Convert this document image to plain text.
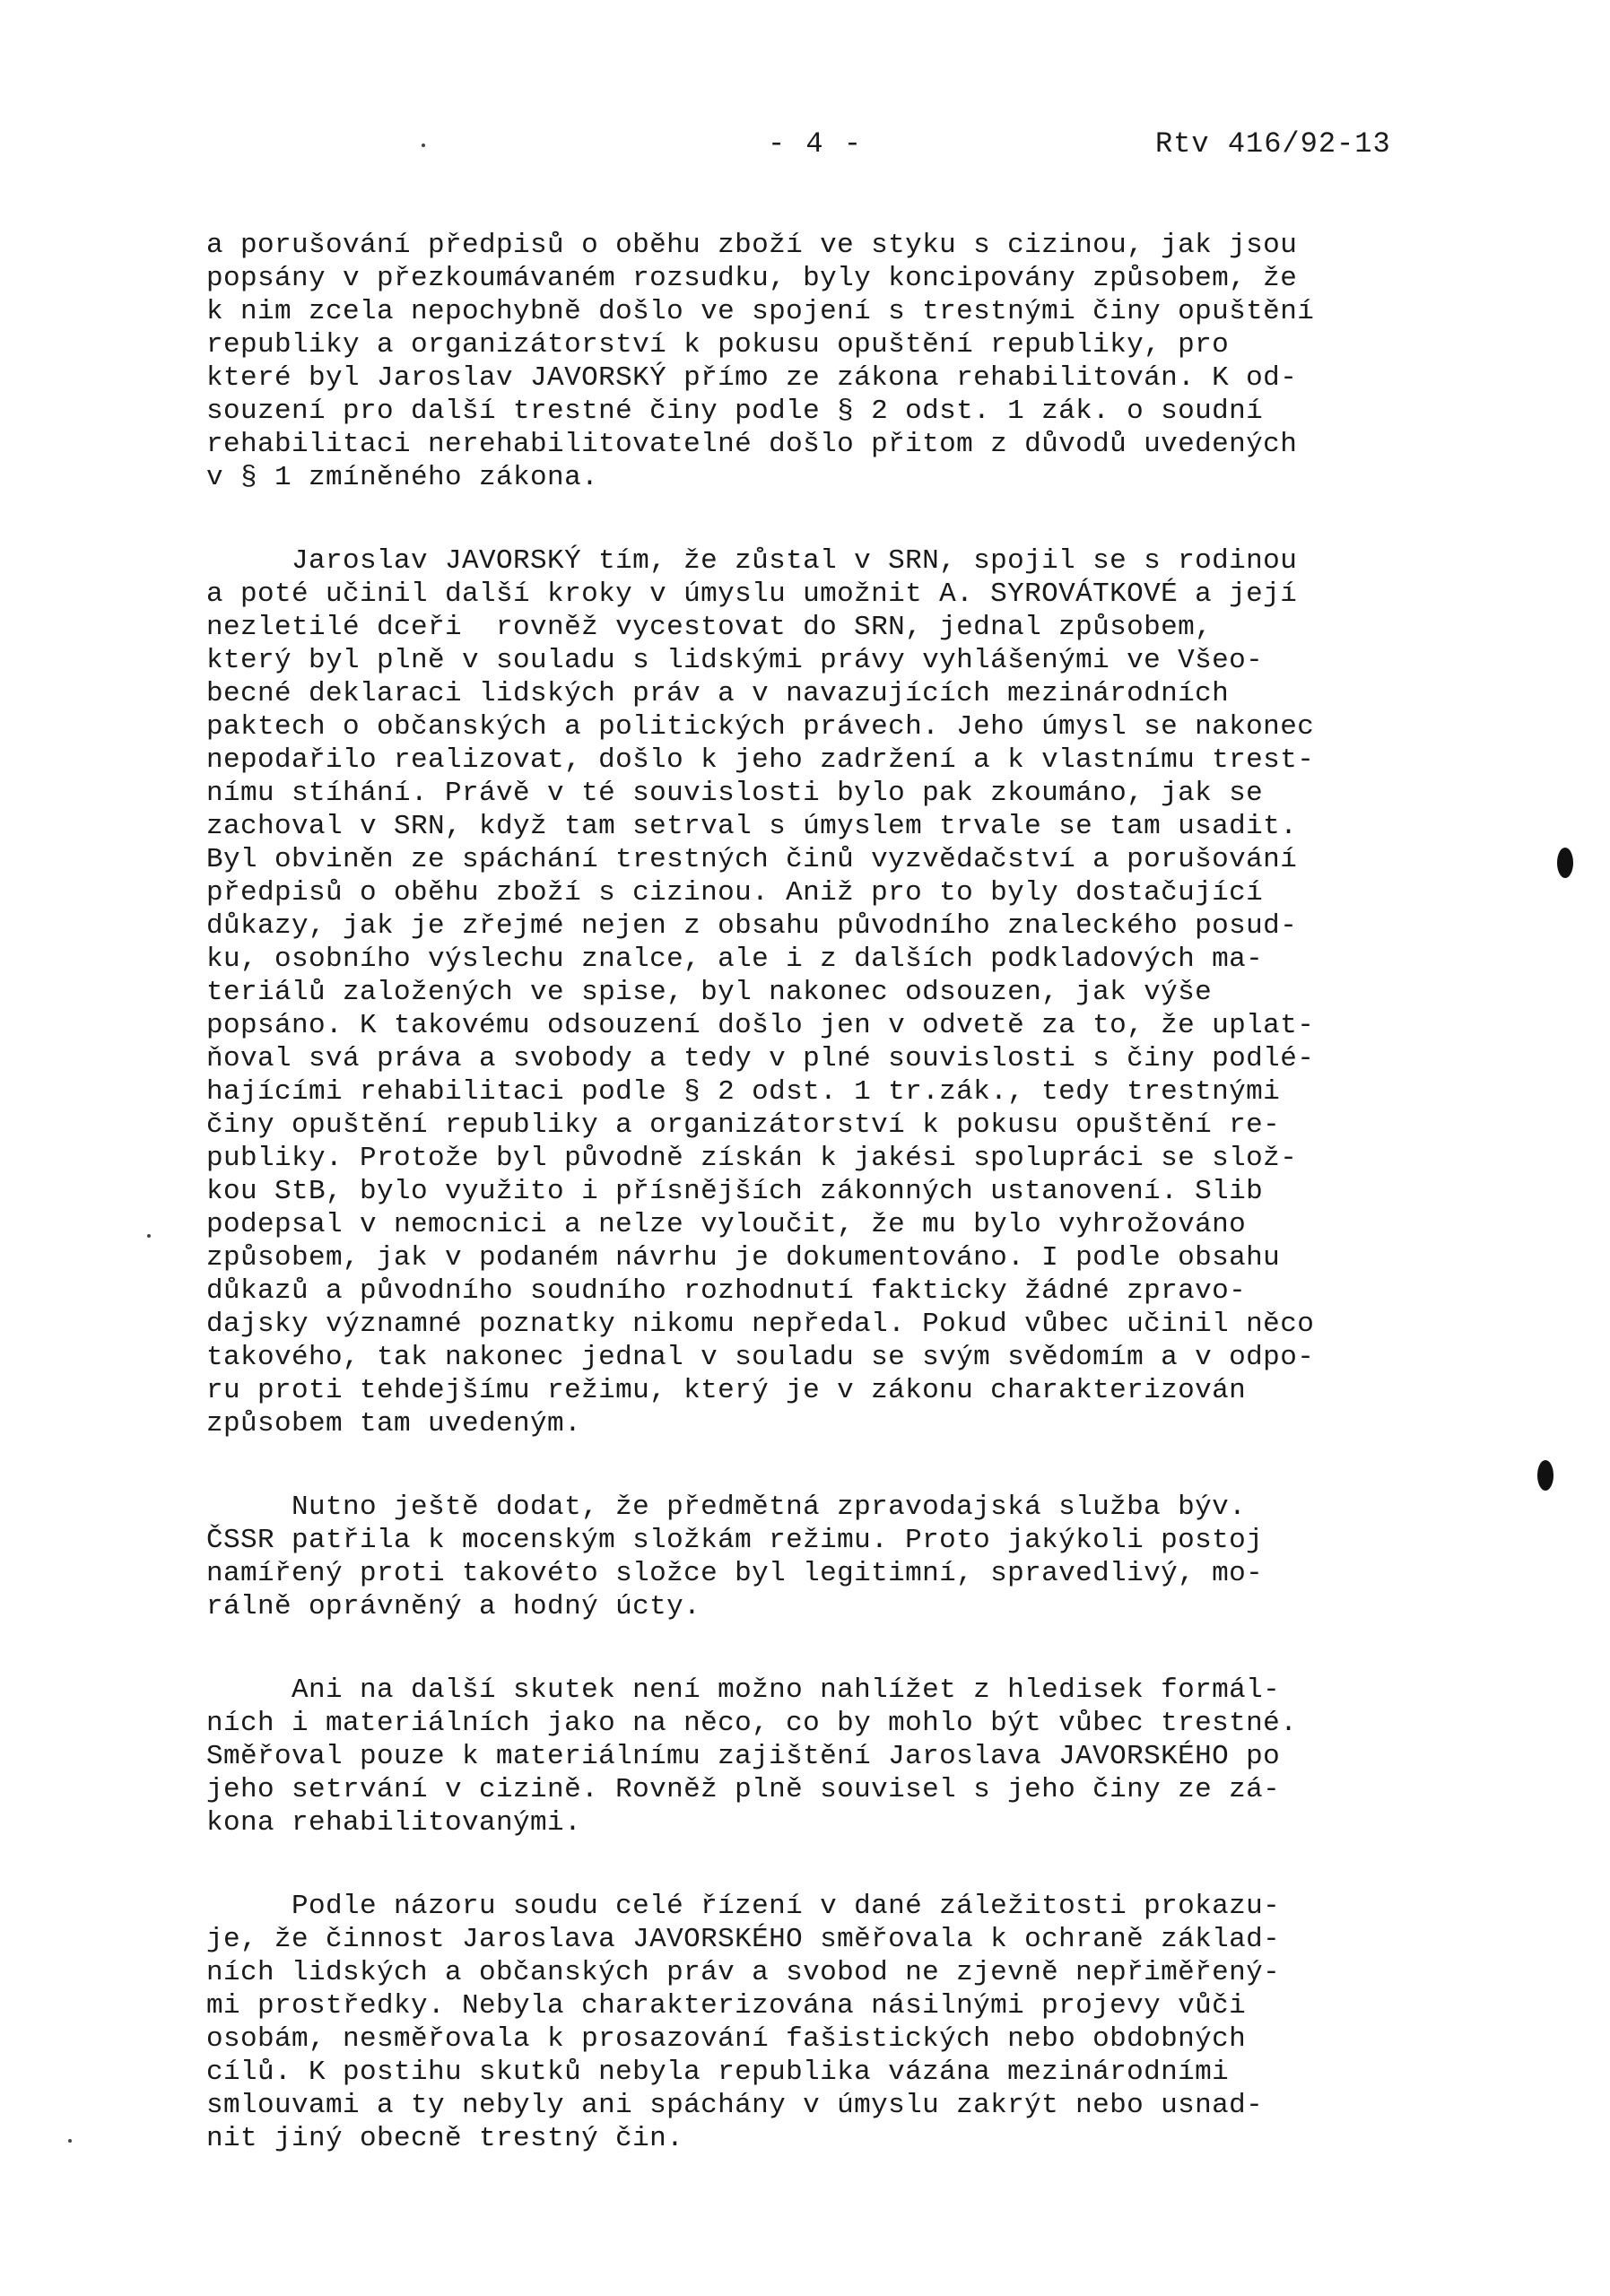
- 4 -	Rtv 416/92-13
a porušování předpisů o oběhu zboží ve styku s cizinou, jak jsou
popsány v přezkoumávaném rozsudku, byly koncipovány způsobem, že
k nim zcela nepochybně došlo ve spojení s trestnými činy opuštění
republiky a organizátorství k pokusu opuštění republiky, pro
které byl Jaroslav JAVORSKÝ přímo ze zákona rehabilitován. K od-
souzení pro další trestné činy podle § 2 odst. 1 zák. o soudní
rehabilitaci nerehabilitovatelné došlo přitom z důvodů uvedených
v § 1 zmíněného zákona.
Jaroslav JAVORSKÝ tím, že zůstal v SRN, spojil se s rodinou
a poté učinil další kroky v úmyslu umožnit A. SYROVÁTKOVÉ a její
nezletilé dceři  rovněž vycestovat do SRN, jednal způsobem,
který byl plně v souladu s lidskými právy vyhlášenými ve Všeo-
becné deklaraci lidských práv a v navazujících mezinárodních
paktech o občanských a politických právech. Jeho úmysl se nakonec
nepodařilo realizovat, došlo k jeho zadržení a k vlastnímu trest-
nímu stíhání. Právě v té souvislosti bylo pak zkoumáno, jak se
zachoval v SRN, když tam setrval s úmyslem trvale se tam usadit.
Byl obviněn ze spáchání trestných činů vyzvědačství a porušování
předpisů o oběhu zboží s cizinou. Aniž pro to byly dostačující
důkazy, jak je zřejmé nejen z obsahu původního znaleckého posud-
ku, osobního výslechu znalce, ale i z dalších podkladových ma-
teriálů založených ve spise, byl nakonec odsouzen, jak výše
popsáno. K takovému odsouzení došlo jen v odvetě za to, že uplat-
ňoval svá práva a svobody a tedy v plné souvislosti s činy podlé-
hajícími rehabilitaci podle § 2 odst. 1 tr.zák., tedy trestnými
činy opuštění republiky a organizátorství k pokusu opuštění re-
publiky. Protože byl původně získán k jakési spolupráci se slož-
kou StB, bylo využito i přísnějších zákonných ustanovení. Slib
podepsal v nemocnici a nelze vyloučit, že mu bylo vyhrožováno
způsobem, jak v podaném návrhu je dokumentováno. I podle obsahu
důkazů a původního soudního rozhodnutí fakticky žádné zpravo-
dajsky významné poznatky nikomu nepředal. Pokud vůbec učinil něco
takového, tak nakonec jednal v souladu se svým svědomím a v odpo-
ru proti tehdejšímu režimu, který je v zákonu charakterizován
způsobem tam uvedeným.
Nutno ještě dodat, že předmětná zpravodajská služba býv.
ČSSR patřila k mocenským složkám režimu. Proto jakýkoli postoj
namířený proti takovéto složce byl legitimní, spravedlivý, mo-
rálně oprávněný a hodný úcty.
Ani na další skutek není možno nahlížet z hledisek formál-
ních i materiálních jako na něco, co by mohlo být vůbec trestné.
Směřoval pouze k materiálnímu zajištění Jaroslava JAVORSKÉHO po
jeho setrvání v cizině. Rovněž plně souvisel s jeho činy ze zá-
kona rehabilitovanými.
Podle názoru soudu celé řízení v dané záležitosti prokazu-
je, že činnost Jaroslava JAVORSKÉHO směřovala k ochraně základ-
ních lidských a občanských práv a svobod ne zjevně nepřiměřený-
mi prostředky. Nebyla charakterizována násilnými projevy vůči
osobám, nesměřovala k prosazování fašistických nebo obdobných
cílů. K postihu skutků nebyla republika vázána mezinárodními
smlouvami a ty nebyly ani spáchány v úmyslu zakrýt nebo usnad-
nit jiný obecně trestný čin.
